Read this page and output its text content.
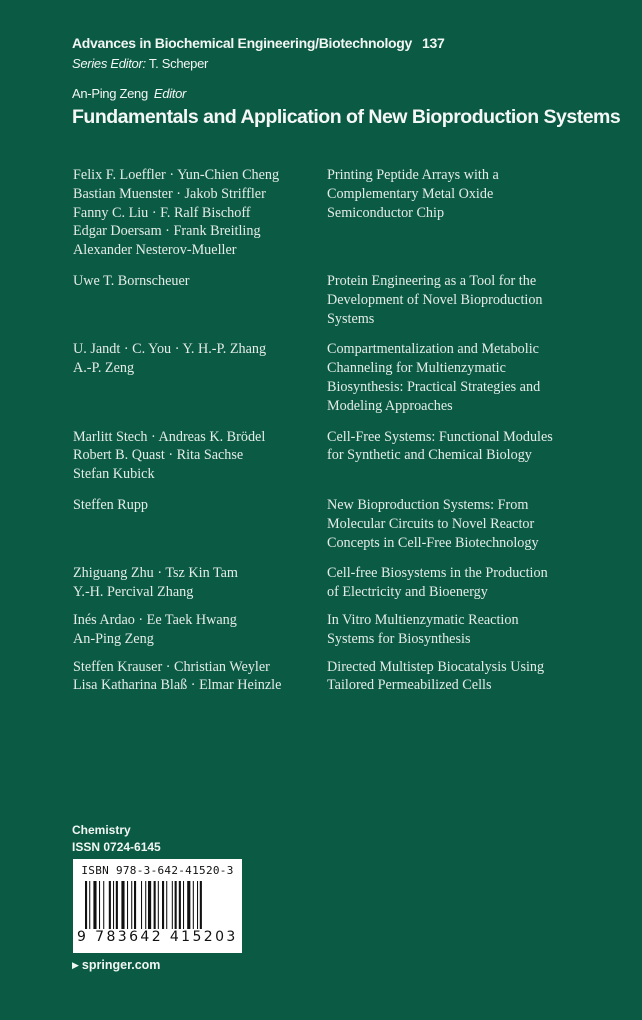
Advances in Biochemical Engineering/Biotechnology 137
Series Editor: T. Scheper
An-Ping Zeng Editor
Fundamentals and Application of New Bioproduction Systems
Felix F. Loeffler · Yun-Chien Cheng
Bastian Muenster · Jakob Striffler
Fanny C. Liu · F. Ralf Bischoff
Edgar Doersam · Frank Breitling
Alexander Nesterov-Mueller
Printing Peptide Arrays with a
Complementary Metal Oxide
Semiconductor Chip
Uwe T. Bornscheuer	Protein Engineering as a Tool for the
Development of Novel Bioproduction
Systems
U. Jandt · C. You · Y. H.-P. Zhang
A.-P. Zeng
Compartmentalization and Metabolic
Channeling for Multienzymatic
Biosynthesis: Practical Strategies and
Modeling Approaches
Marlitt Stech · Andreas K. Brödel
Robert B. Quast · Rita Sachse
Stefan Kubick
Cell-Free Systems: Functional Modules
for Synthetic and Chemical Biology
Steffen Rupp	New Bioproduction Systems: From
Molecular Circuits to Novel Reactor
Concepts in Cell-Free Biotechnology
Zhiguang Zhu · Tsz Kin Tam
Y.-H. Percival Zhang
Cell-free Biosystems in the Production
of Electricity and Bioenergy
Inés Ardao · Ee Taek Hwang
An-Ping Zeng
In Vitro Multienzymatic Reaction
Systems for Biosynthesis
Steffen Krauser · Christian Weyler
Lisa Katharina Blaß · Elmar Heinzle
Directed Multistep Biocatalysis Using
Tailored Permeabilized Cells
Chemistry
ISSN 0724-6145
ISBN 978-3-642-41520-3
9 783642 415203
▶ springer.com
